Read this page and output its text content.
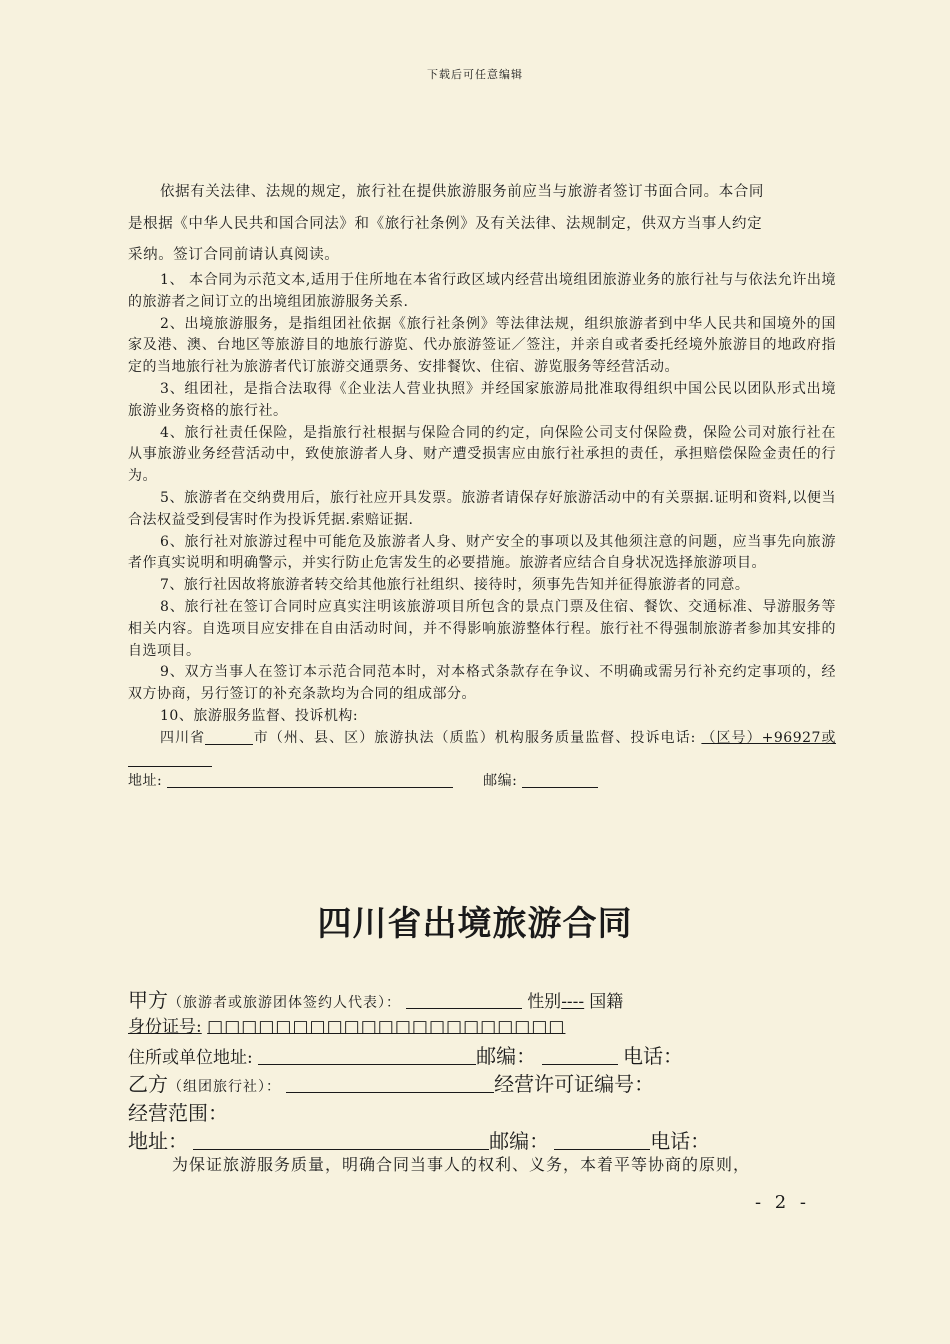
下载后可任意编辑

依据有关法律、法规的规定，旅行社在提供旅游服务前应当与旅游者签订书面合同。本合同

是根据《中华人民共和国合同法》和《旅行社条例》及有关法律、法规制定，供双方当事人约定

采纳。签订合同前请认真阅读。

1、 本合同为示范文本,适用于住所地在本省行政区域内经营出境组团旅游业务的旅行社与与依法允许出境的旅游者之间订立的出境组团旅游服务关系.

2、出境旅游服务，是指组团社依据《旅行社条例》等法律法规，组织旅游者到中华人民共和国境外的国家及港、澳、台地区等旅游目的地旅行游览、代办旅游签证／签注，并亲自或者委托经境外旅游目的地政府指定的当地旅行社为旅游者代订旅游交通票务、安排餐饮、住宿、游览服务等经营活动。

3、组团社，是指合法取得《企业法人营业执照》并经国家旅游局批准取得组织中国公民以团队形式出境旅游业务资格的旅行社。

4、旅行社责任保险，是指旅行社根据与保险合同的约定，向保险公司支付保险费，保险公司对旅行社在从事旅游业务经营活动中，致使旅游者人身、财产遭受损害应由旅行社承担的责任，承担赔偿保险金责任的行为。

5、旅游者在交纳费用后，旅行社应开具发票。旅游者请保存好旅游活动中的有关票据.证明和资料,以便当合法权益受到侵害时作为投诉凭据.索赔证据.

6、旅行社对旅游过程中可能危及旅游者人身、财产安全的事项以及其他须注意的问题，应当事先向旅游者作真实说明和明确警示，并实行防止危害发生的必要措施。旅游者应结合自身状况选择旅游项目。

7、旅行社因故将旅游者转交给其他旅行社组织、接待时，须事先告知并征得旅游者的同意。

8、旅行社在签订合同时应真实注明该旅游项目所包含的景点门票及住宿、餐饮、交通标准、导游服务等相关内容。自选项目应安排在自由活动时间，并不得影响旅游整体行程。旅行社不得强制旅游者参加其安排的自选项目。

9、双方当事人在签订本示范合同范本时，对本格式条款存在争议、不明确或需另行补充约定事项的，经双方协商，另行签订的补充条款均为合同的组成部分。

10、旅游服务监督、投诉机构:

四川省	市（州、县、区）旅游执法（质监）机构服务质量监督、投诉电话: （区号）+96927或

地址:	邮编:

四川省出境旅游合同
甲方（旅游者或旅游团体签约人代表）：	性别---- 国籍
身份证号: □□□□□□□□□□□□□□□□□□□□□
住所或单位地址:	邮编：	电话：
乙方（组团旅行社）：	经营许可证编号：
经营范围：
地址：	邮编：	电话：
为保证旅游服务质量，明确合同当事人的权利、义务，本着平等协商的原则，
- 2 -
